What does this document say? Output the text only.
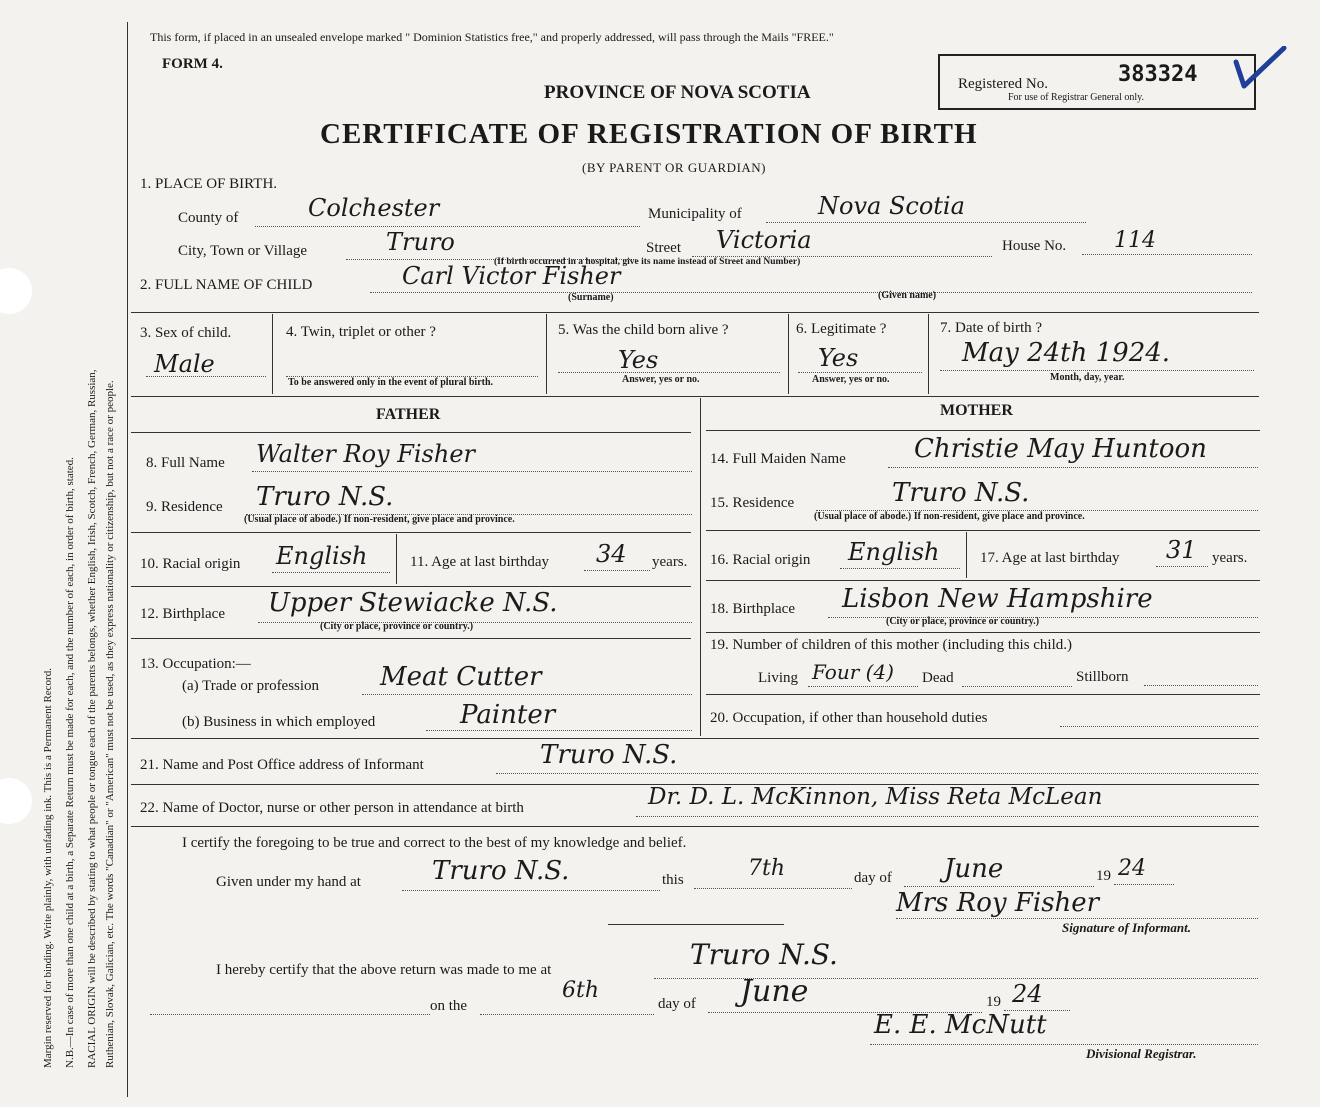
Margin reserved for binding. Write plainly, with unfading ink. This is a Permanent Record. N.B.—In case of more than one child at a birth, a Separate Return must be made for each, and the number of each, in order of birth, stated. RACIAL ORIGIN will be described by stating to what people or tongue each of the parents belongs, whether English, Irish, Scotch, French, German, Russian, Ruthenian, Slovak, Galician, etc. The words "Canadian" or "American" must not be used, as they express nationality or citizenship, but not a race or people.
This form, if placed in an unsealed envelope marked " Dominion Statistics free," and properly addressed, will pass through the Mails "FREE."
FORM 4.
PROVINCE OF NOVA SCOTIA
CERTIFICATE OF REGISTRATION OF BIRTH
(BY PARENT OR GUARDIAN)
Registered No.	383324
For use of Registrar General only.
1. PLACE OF BIRTH.
County of	Colchester	Municipality of	Nova Scotia
City, Town or Village	Truro	Street Victoria
(If birth occurred in a hospital, give its name instead of Street and Number)
House No. 114
2. FULL NAME OF CHILD	Carl Victor Fisher
(Surname)	(Given name)
3. Sex of child.
Male
4. Twin, triplet or other ?
To be answered only in the event of plural birth.
5. Was the child born alive ?
Yes
Answer, yes or no.
6. Legitimate ?
Yes
Answer, yes or no.
7. Date of birth ?
May 24th 1924.
Month, day, year.
FATHER	MOTHER
8. Full Name Walter Roy Fisher
9. Residence Truro N.S.
(Usual place of abode.) If non-resident, give place and province.
10. Racial origin English	11. Age at last birthday 34 years.
12. Birthplace Upper Stewiacke N.S.
(City or place, province or country.)
13. Occupation:—
(a) Trade or profession Meat Cutter
(b) Business in which employed	Painter
14. Full Maiden Name	Christie May Huntoon
15. Residence	Truro N.S.
(Usual place of abode.) If non-resident, give place and province.
16. Racial origin English	17. Age at last birthday 31 years.
18. Birthplace Lisbon New Hampshire
(City or place, province or country.)
19. Number of children of this mother (including this child.)
Living Four (4) Dead	Stillborn
20. Occupation, if other than household duties
21. Name and Post Office address of Informant	Truro N.S.
22. Name of Doctor, nurse or other person in attendance at birth	Dr. D. L. McKinnon, Miss Reta McLean
I certify the foregoing to be true and correct to the best of my knowledge and belief.
Given under my hand at	Truro N.S.	this	7th	day of June	19 24
Mrs Roy Fisher
Signature of Informant.
I hereby certify that the above return was made to me at	Truro N.S.
on the
6th
day of June	19 24
E. E. McNutt
Divisional Registrar.
